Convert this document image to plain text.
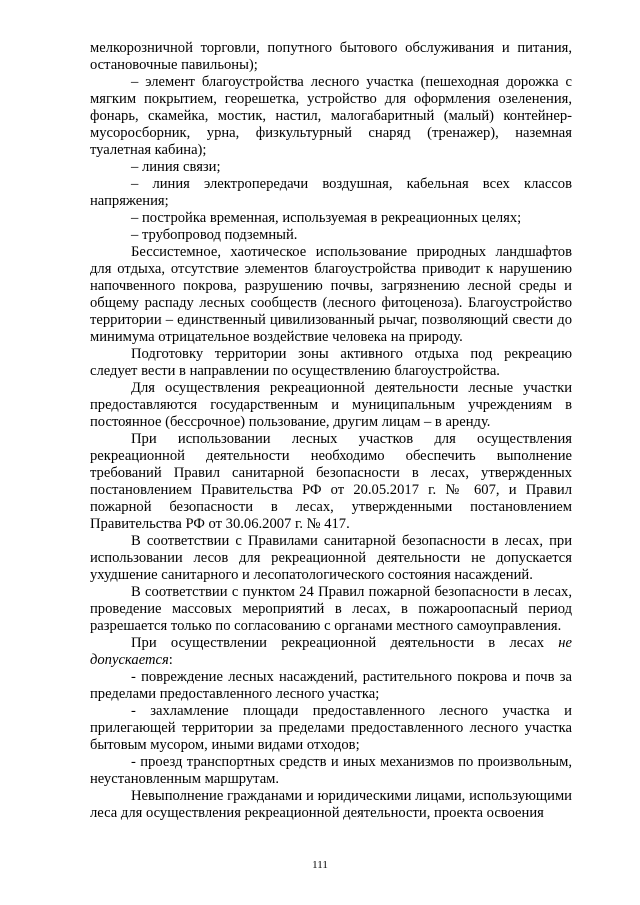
мелкорозничной торговли, попутного бытового обслуживания и питания, остановочные павильоны);

– элемент благоустройства лесного участка (пешеходная дорожка с мягким покрытием, георешетка, устройство для оформления озеленения, фонарь, скамейка, мостик, настил, малогабаритный (малый) контейнер-мусоросборник, урна, физкультурный снаряд (тренажер), наземная туалетная кабина);

– линия связи;

– линия электропередачи воздушная, кабельная всех классов напряжения;

– постройка временная, используемая в рекреационных целях;

– трубопровод подземный.

Бессистемное, хаотическое использование природных ландшафтов для отдыха, отсутствие элементов благоустройства приводит к нарушению напочвенного покрова, разрушению почвы, загрязнению лесной среды и общему распаду лесных сообществ (лесного фитоценоза). Благоустройство территории – единственный цивилизованный рычаг, позволяющий свести до минимума отрицательное воздействие человека на природу.

Подготовку территории зоны активного отдыха под рекреацию следует вести в направлении по осуществлению благоустройства.

Для осуществления рекреационной деятельности лесные участки предоставляются государственным и муниципальным учреждениям в постоянное (бессрочное) пользование, другим лицам – в аренду.

При использовании лесных участков для осуществления рекреационной деятельности необходимо обеспечить выполнение требований Правил санитарной безопасности в лесах, утвержденных постановлением Правительства РФ от 20.05.2017 г. № 607, и Правил пожарной безопасности в лесах, утвержденными постановлением Правительства РФ от 30.06.2007 г. № 417.

В соответствии с Правилами санитарной безопасности в лесах, при использовании лесов для рекреационной деятельности не допускается ухудшение санитарного и лесопатологического состояния насаждений.

В соответствии с пунктом 24 Правил пожарной безопасности в лесах, проведение массовых мероприятий в лесах, в пожароопасный период разрешается только по согласованию с органами местного самоуправления.

При осуществлении рекреационной деятельности в лесах не допускается:

- повреждение лесных насаждений, растительного покрова и почв за пределами предоставленного лесного участка;

- захламление площади предоставленного лесного участка и прилегающей территории за пределами предоставленного лесного участка бытовым мусором, иными видами отходов;

- проезд транспортных средств и иных механизмов по произвольным, неустановленным маршрутам.

Невыполнение гражданами и юридическими лицами, использующими леса для осуществления рекреационной деятельности, проекта освоения

111
